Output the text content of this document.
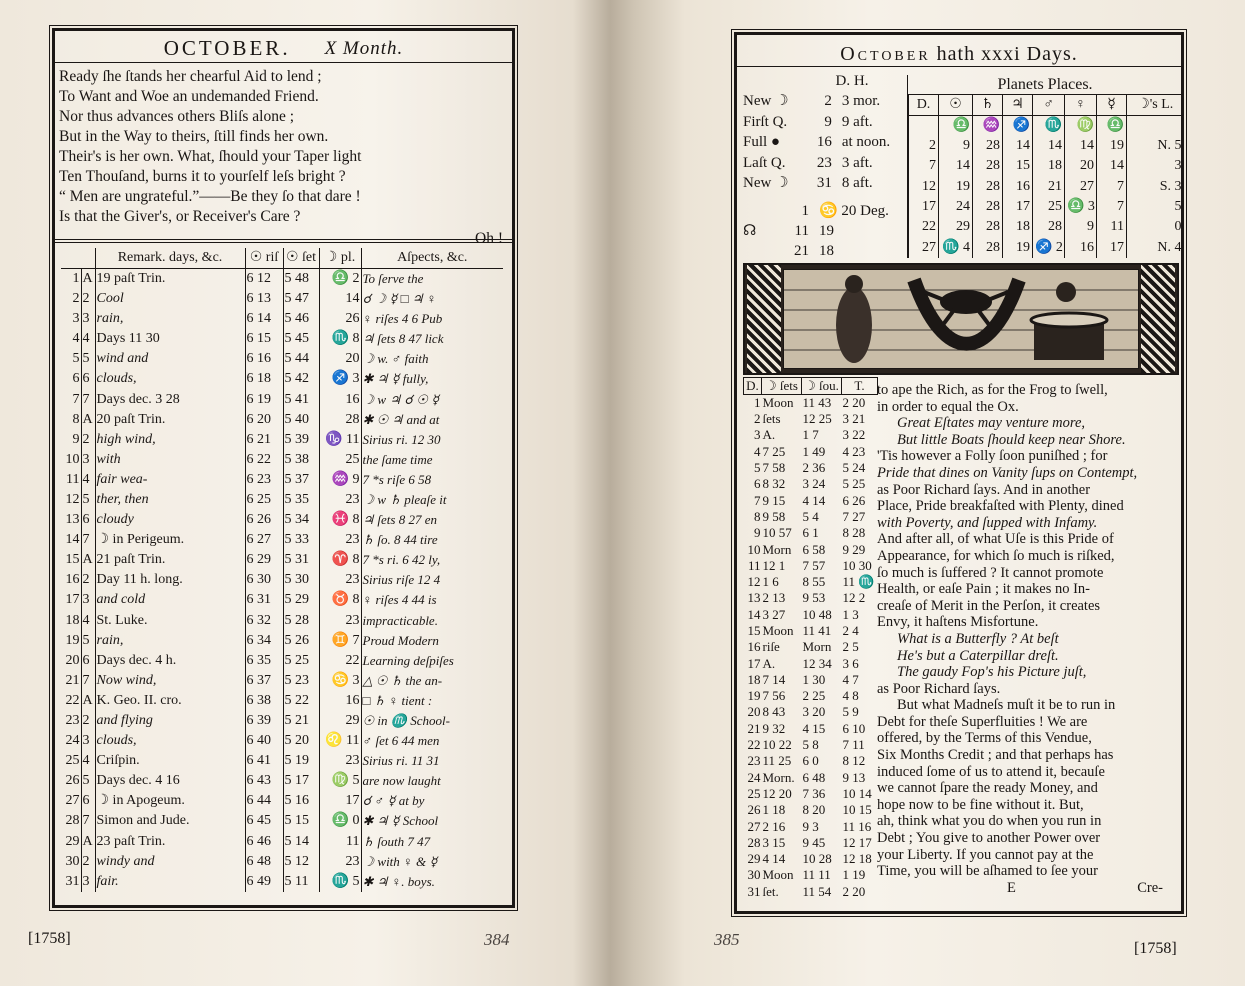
OCTOBER. X Month.
Ready ſhe ſtands her chearful Aid to lend ;
To Want and Woe an undemanded Friend.
Nor thus advances others Bliſs alone ;
But in the Way to theirs, ſtill finds her own.
Their's is her own. What, ſhould your Taper light
Ten Thouſand, burns it to yourſelf leſs bright ?
“ Men are ungrateful.”——Be they ſo that dare !
Is that the Giver's, or Receiver's Care ?
Oh !
		Remark. days, &c.	☉ riſ	☉ ſet	☽ pl.	Aſpects, &c.
1	A	19 paſt Trin.	6 12	5 48	♎ 2	To ſerve the
2	2	Cool	6 13	5 47	14	☌ ☽ ☿ □ ♃ ♀
3	3	rain,	6 14	5 46	26	♀ riſes 4 6 Pub
4	4	Days 11 30	6 15	5 45	♏ 8	♃ ſets 8 47 lick
5	5	wind and	6 16	5 44	20	☽ w. ♂ faith
6	6	clouds,	6 18	5 42	♐ 3	✱ ♃ ☿ fully,
7	7	Days dec. 3 28	6 19	5 41	16	☽ w ♃ ☌ ☉ ☿
8	A	20 paſt Trin.	6 20	5 40	28	✱ ☉ ♃ and at
9	2	high wind,	6 21	5 39	♑ 11	Sirius ri. 12 30
10	3	with	6 22	5 38	25	the ſame time
11	4	fair wea-	6 23	5 37	♒ 9	7 *s riſe 6 58
12	5	ther, then	6 25	5 35	23	☽ w ♄ pleaſe it
13	6	cloudy	6 26	5 34	♓ 8	♃ ſets 8 27 en
14	7	☽ in Perigeum.	6 27	5 33	23	♄ ſo. 8 44 tire
15	A	21 paſt Trin.	6 29	5 31	♈ 8	7 *s ri. 6 42 ly,
16	2	Day 11 h. long.	6 30	5 30	23	Sirius riſe 12 4
17	3	and cold	6 31	5 29	♉ 8	♀ riſes 4 44 is
18	4	St. Luke.	6 32	5 28	23	impracticable.
19	5	rain,	6 34	5 26	♊ 7	Proud Modern
20	6	Days dec. 4 h.	6 35	5 25	22	Learning deſpiſes
21	7	Now wind,	6 37	5 23	♋ 3	△ ☉ ♄ the an-
22	A	K. Geo. II. cro.	6 38	5 22	16	□ ♄ ♀ tient :
23	2	and flying	6 39	5 21	29	☉ in ♏ School-
24	3	clouds,	6 40	5 20	♌ 11	♂ ſet 6 44 men
25	4	Criſpin.	6 41	5 19	23	Sirius ri. 11 31
26	5	Days dec. 4 16	6 43	5 17	♍ 5	are now laught
27	6	☽ in Apogeum.	6 44	5 16	17	☌ ♂ ☿ at by
28	7	Simon and Jude.	6 45	5 15	♎ 0	✱ ♃ ☿ School
29	A	23 paſt Trin.	6 46	5 14	11	♄ ſouth 7 47
30	2	windy and	6 48	5 12	23	☽ with ♀ & ☿
31	3	fair.	6 49	5 11	♏ 5	✱ ♃ ♀. boys.
[1758]	384
October hath xxxi Days.
D. H.
New ☽	2 3 mor.
Firſt Q.	9 9 aft.
Full ●	16 at noon.
Laſt Q.	23 3 aft.
New ☽	31 8 aft.
1 ♋ 20 Deg.
☊	11 19
21 18
Planets Places.
D.	☉	♄	♃	♂	♀	☿	☽'s L.
	♎	♒	♐	♏	♍	♎	
2	9	28	14	14	14	19	N. 5
7	14	28	15	18	20	14	3
12	19	28	16	21	27	7	S. 3
17	24	28	17	25	♎ 3	7	5
22	29	28	18	28	9	11	0
27	♏ 4	28	19	♐ 2	16	17	N. 4
D.	☽ ſets	☽ ſou.	T.
1	Moon	11 43	2 20
2	ſets	12 25	3 21
3	A.	1 7	3 22
4	7 25	1 49	4 23
5	7 58	2 36	5 24
6	8 32	3 24	5 25
7	9 15	4 14	6 26
8	9 58	5 4	7 27
9	10 57	6 1	8 28
10	Morn	6 58	9 29
11	12 1	7 57	10 30
12	1 6	8 55	11 ♏
13	2 13	9 53	12 2
14	3 27	10 48	1 3
15	Moon	11 41	2 4
16	riſe	Morn	2 5
17	A.	12 34	3 6
18	7 14	1 30	4 7
19	7 56	2 25	4 8
20	8 43	3 20	5 9
21	9 32	4 15	6 10
22	10 22	5 8	7 11
23	11 25	6 0	8 12
24	Morn.	6 48	9 13
25	12 20	7 36	10 14
26	1 18	8 20	10 15
27	2 16	9 3	11 16
28	3 15	9 45	12 17
29	4 14	10 28	12 18
30	Moon	11 11	1 19
31	ſet.	11 54	2 20
to ape the Rich, as for the Frog to ſwell,
in order to equal the Ox.
Great Eſtates may venture more,
But little Boats ſhould keep near Shore.
'Tis however a Folly ſoon puniſhed ; for
Pride that dines on Vanity ſups on Contempt,
as Poor Richard ſays. And in another
Place, Pride breakfaſted with Plenty, dined
with Poverty, and ſupped with Infamy.
And after all, of what Uſe is this Pride of
Appearance, for which ſo much is riſked,
ſo much is ſuffered ? It cannot promote
Health, or eaſe Pain ; it makes no In-
creaſe of Merit in the Perſon, it creates
Envy, it haſtens Misfortune.
What is a Butterfly ? At beſt
He's but a Caterpillar dreſt.
The gaudy Fop's his Picture juſt,
as Poor Richard ſays.
But what Madneſs muſt it be to run in
Debt for theſe Superfluities ! We are
offered, by the Terms of this Vendue,
Six Months Credit ; and that perhaps has
induced ſome of us to attend it, becauſe
we cannot ſpare the ready Money, and
hope now to be fine without it. But,
ah, think what you do when you run in
Debt ; You give to another Power over
your Liberty. If you cannot pay at the
Time, you will be aſhamed to ſee your
E	Cre-
385	[1758]
